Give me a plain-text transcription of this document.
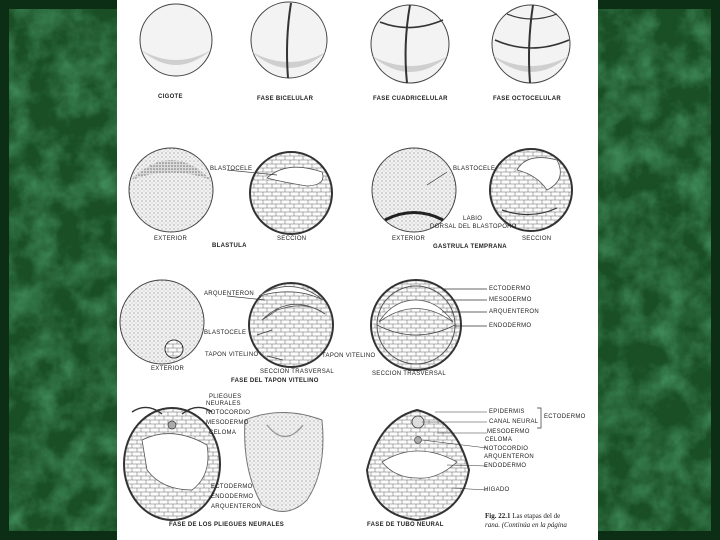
CIGOTE	FASE BICELULAR	FASE CUADRICELULAR	FASE OCTOCELULAR
BLASTOCELE
EXTERIOR	SECCION
BLASTULA
BLASTOCELE
LABIO
DORSAL DEL BLASTOPORO
EXTERIOR	SECCION
GASTRULA TEMPRANA
ARQUENTERON
BLASTOCELE
TAPON VITELINO	TAPON VITELINO
EXTERIOR	SECCION TRASVERSAL
FASE DEL TAPON VITELINO
ECTODERMO
MESODERMO
ARQUENTERON
ENDODERMO
SECCION TRASVERSAL
PLIEGUES
NEURALES
NOTOCORDIO
MESODERMO
CELOMA
ECTODERMO
ENDODERMO
ARQUENTERON
FASE DE LOS PLIEGUES NEURALES
EPIDERMIS
CANAL NEURAL
MESODERMO
CELOMA
NOTOCORDIO
ARQUENTERON
ENDODERMO
HIGADO
ECTODERMO
FASE DE TUBO NEURAL
Fig. 22.1 Las etapas del de
rana. (Continúa en la página
